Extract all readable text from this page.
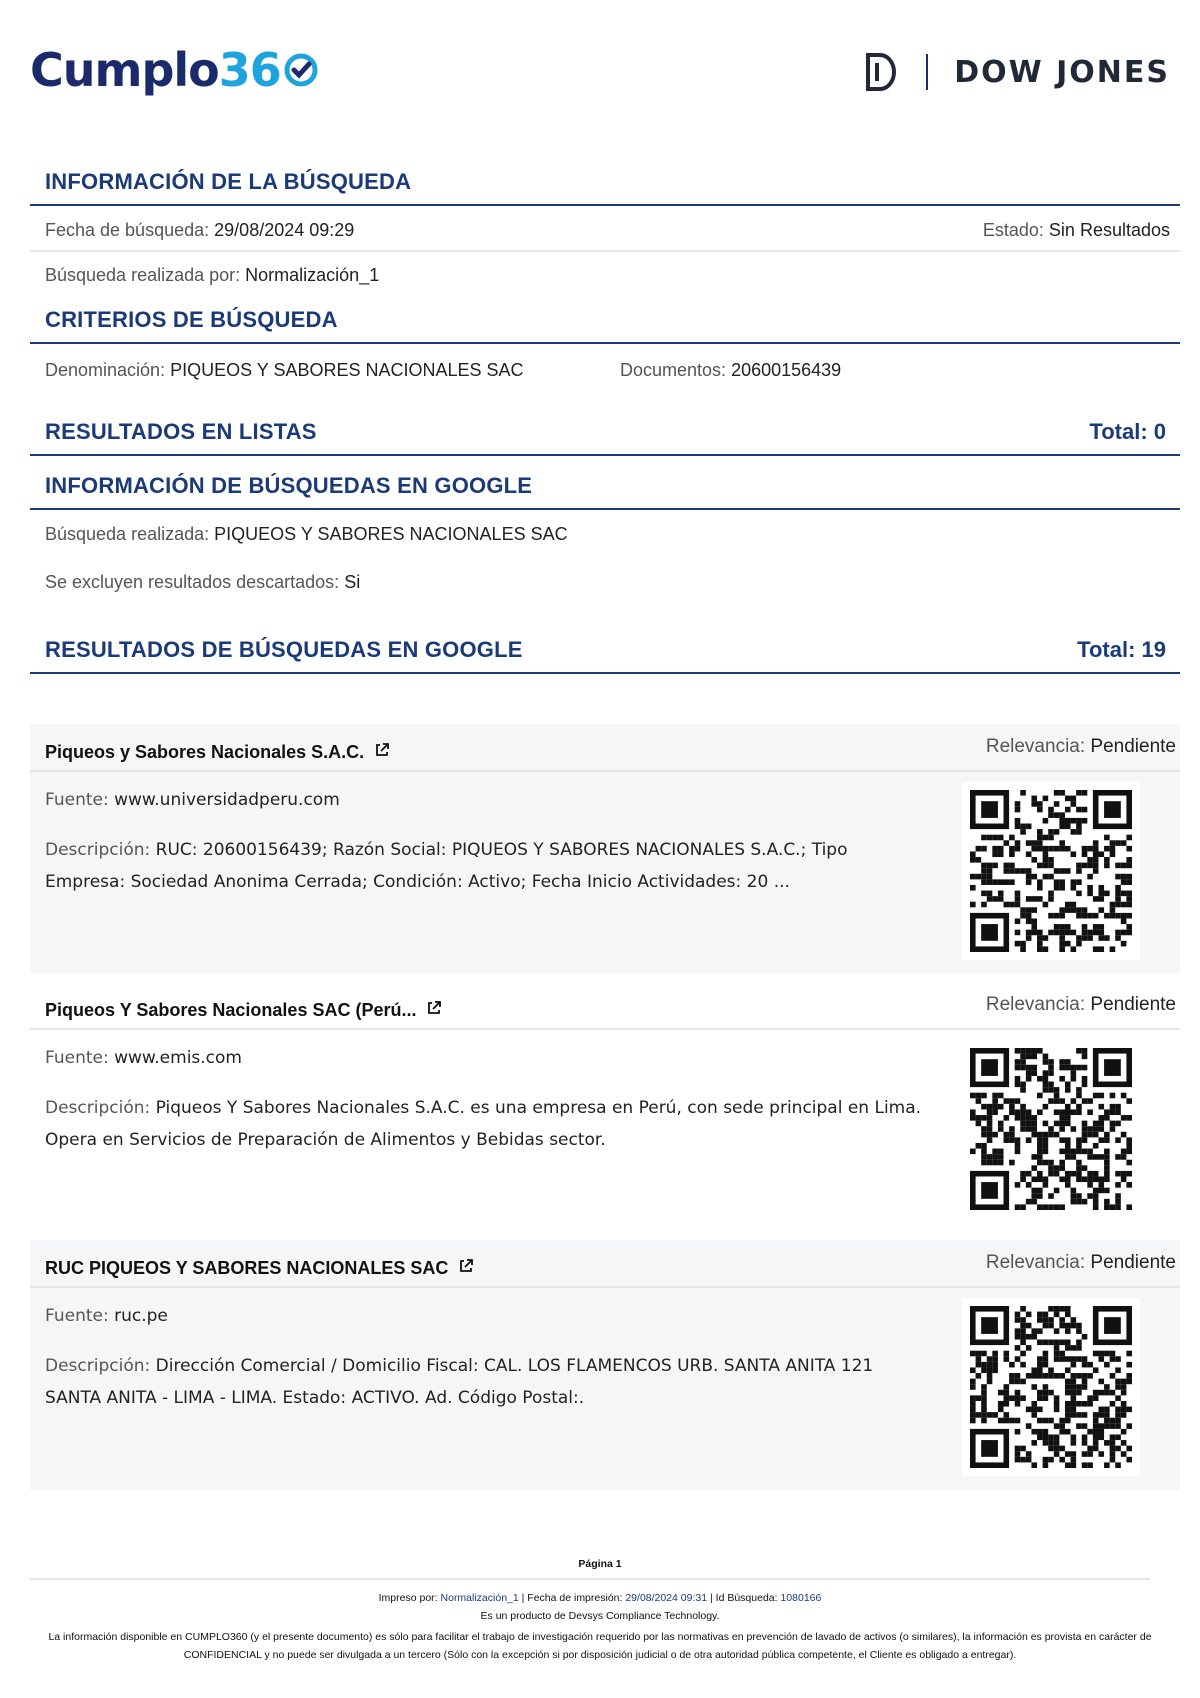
Cumplo 36	DOW JONES
INFORMACIÓN DE LA BÚSQUEDA
Fecha de búsqueda: 29/08/2024 09:29	Estado: Sin Resultados
Búsqueda realizada por: Normalización_1
CRITERIOS DE BÚSQUEDA
Denominación: PIQUEOS Y SABORES NACIONALES SAC	Documentos: 20600156439
RESULTADOS EN LISTAS	Total: 0
INFORMACIÓN DE BÚSQUEDAS EN GOOGLE
Búsqueda realizada: PIQUEOS Y SABORES NACIONALES SAC
Se excluyen resultados descartados: Si
RESULTADOS DE BÚSQUEDAS EN GOOGLE	Total: 19
Piqueos y Sabores Nacionales S.A.C.	Relevancia: Pendiente
Fuente: www.universidadperu.com
Descripción: RUC: 20600156439; Razón Social: PIQUEOS Y SABORES NACIONALES S.A.C.; Tipo Empresa: Sociedad Anonima Cerrada; Condición: Activo; Fecha Inicio Actividades: 20 ...
Piqueos Y Sabores Nacionales SAC (Perú...	Relevancia: Pendiente
Fuente: www.emis.com
Descripción: Piqueos Y Sabores Nacionales S.A.C. es una empresa en Perú, con sede principal en Lima. Opera en Servicios de Preparación de Alimentos y Bebidas sector.
RUC PIQUEOS Y SABORES NACIONALES SAC	Relevancia: Pendiente
Fuente: ruc.pe
Descripción: Dirección Comercial / Domicilio Fiscal: CAL. LOS FLAMENCOS URB. SANTA ANITA 121 SANTA ANITA - LIMA - LIMA. Estado: ACTIVO. Ad. Código Postal:.
Página 1
Impreso por: Normalización_1 | Fecha de impresión: 29/08/2024 09:31 | Id Búsqueda: 1080166
Es un producto de Devsys Compliance Technology.
La información disponible en CUMPLO360 (y el presente documento) es sólo para facilitar el trabajo de investigación requerido por las normativas en prevención de lavado de activos (o similares), la información es provista en carácter de CONFIDENCIAL y no puede ser divulgada a un tercero (Sólo con la excepción si por disposición judicial o de otra autoridad pública competente, el Cliente es obligado a entregar).
